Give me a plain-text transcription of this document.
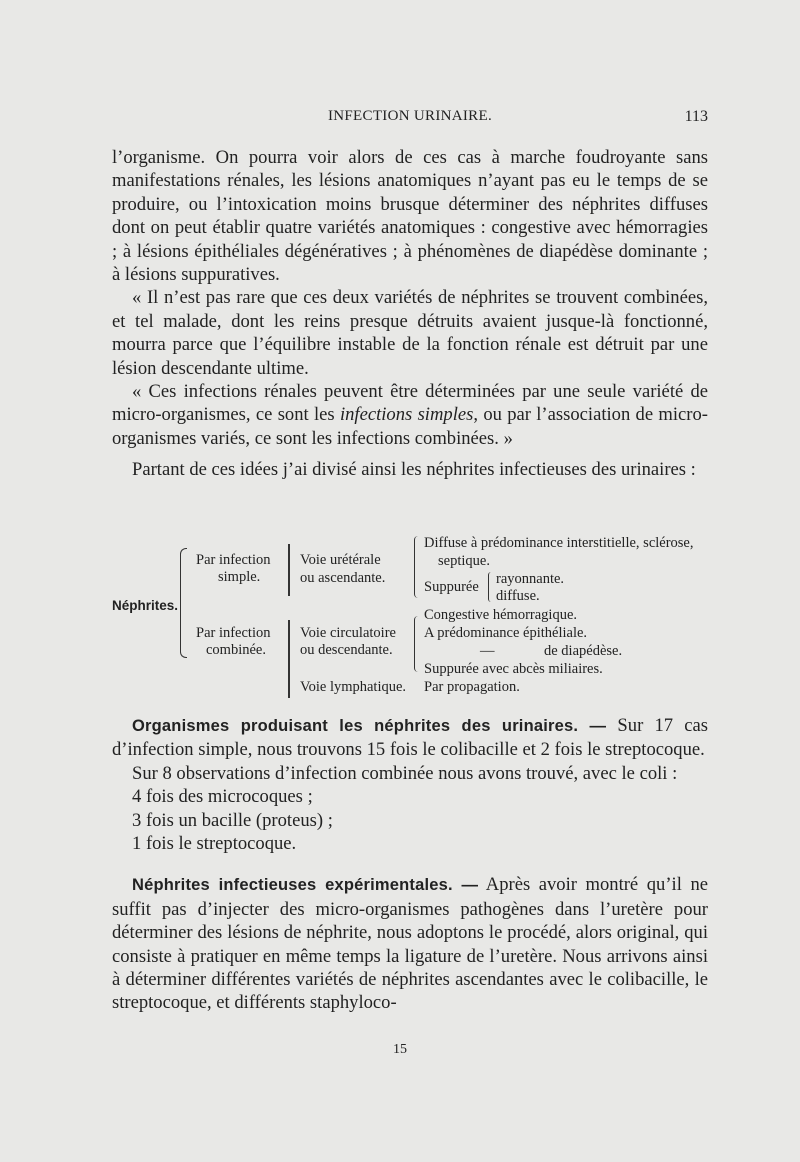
INFECTION URINAIRE.	113

l’organisme. On pourra voir alors de ces cas à marche foudroyante sans manifestations rénales, les lésions anatomiques n’ayant pas eu le temps de se produire, ou l’intoxication moins brusque déterminer des néphrites diffuses dont on peut établir quatre variétés anatomiques : congestive avec hémorragies ; à lésions épithéliales dégénératives ; à phénomènes de diapédèse dominante ; à lésions suppuratives.

« Il n’est pas rare que ces deux variétés de néphrites se trouvent combinées, et tel malade, dont les reins presque détruits avaient jusque-là fonctionné, mourra parce que l’équilibre instable de la fonction rénale est détruit par une lésion descendante ultime.

« Ces infections rénales peuvent être déterminées par une seule variété de micro-organismes, ce sont les infections simples, ou par l’association de micro-organismes variés, ce sont les infections combinées. »

Partant de ces idées j’ai divisé ainsi les néphrites infectieuses des urinaires :

Néphrites.
Par infection
simple.
Par infection
combinée.
Voie urétérale
ou ascendante.
Voie circulatoire
ou descendante.
Voie lymphatique.
Diffuse à prédominance interstitielle, sclérose,
septique.
Suppurée rayonnante.
diffuse.
Congestive hémorragique.
A prédominance épithéliale.
—	de diapédèse.
Suppurée avec abcès miliaires.
Par propagation.

Organismes produisant les néphrites des urinaires. — Sur 17 cas d’infection simple, nous trouvons 15 fois le colibacille et 2 fois le streptocoque.

Sur 8 observations d’infection combinée nous avons trouvé, avec le coli :

4 fois des microcoques ;

3 fois un bacille (proteus) ;

1 fois le streptocoque.

Néphrites infectieuses expérimentales. — Après avoir montré qu’il ne suffit pas d’injecter des micro-organismes pathogènes dans l’uretère pour déterminer des lésions de néphrite, nous adoptons le procédé, alors original, qui consiste à pratiquer en même temps la ligature de l’uretère. Nous arrivons ainsi à déterminer différentes variétés de néphrites ascendantes avec le colibacille, le streptocoque, et différents staphyloco-

15
